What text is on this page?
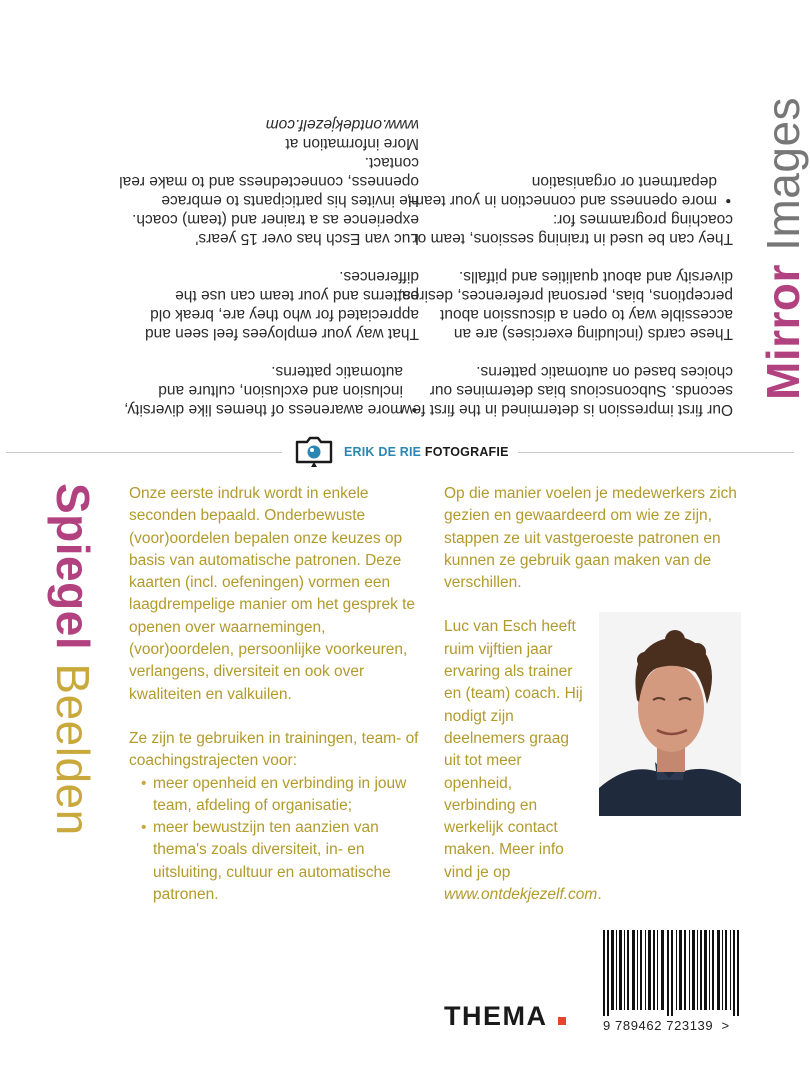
Mirror Images

Our first impression is determined in the first few seconds. Subconscious bias determines our choices based on automatic patterns.

These cards (including exercises) are an accessible way to open a discussion about perceptions, bias, personal preferences, desires, diversity and about qualities and pitfalls.

They can be used in training sessions, team or coaching programmes for:

• more openness and connection in your team, department or organisation
• more awareness of themes like diversity, inclusion and exclusion, culture and automatic patterns.

That way your employees feel seen and appreciated for who they are, break old patterns and your team can use the differences.

Luc van Esch has over 15 years' experience as a trainer and (team) coach. He invites his participants to embrace openness, connectedness and to make real contact.

More information at
www.ontdekjezelf.com
ERIK DE RIE FOTOGRAFIE
Spiegel Beelden

Onze eerste indruk wordt in enkele seconden bepaald. Onderbewuste (voor)oordelen bepalen onze keuzes op basis van automatische patronen. Deze kaarten (incl. oefeningen) vormen een laagdrempelige manier om het gesprek te openen over waarnemingen, (voor)oordelen, persoonlijke voorkeuren, verlangens, diversiteit en ook over kwaliteiten en valkuilen.

Ze zijn te gebruiken in trainingen, team- of coachingstrajecten voor:

• meer openheid en verbinding in jouw team, afdeling of organisatie;
• meer bewustzijn ten aanzien van thema's zoals diversiteit, in- en uitsluiting, cultuur en automatische patronen.

Op die manier voelen je medewerkers zich gezien en gewaardeerd om wie ze zijn, stappen ze uit vastgeroeste patronen en kunnen ze gebruik gaan maken van de verschillen.

Luc van Esch heeft ruim vijftien jaar ervaring als trainer en (team) coach. Hij nodigt zijn deelnemers graag uit tot meer openheid, verbinding en werkelijk contact maken. Meer info vind je op www.ontdekjezelf.com.
THEMA	9 789462 723139 >
